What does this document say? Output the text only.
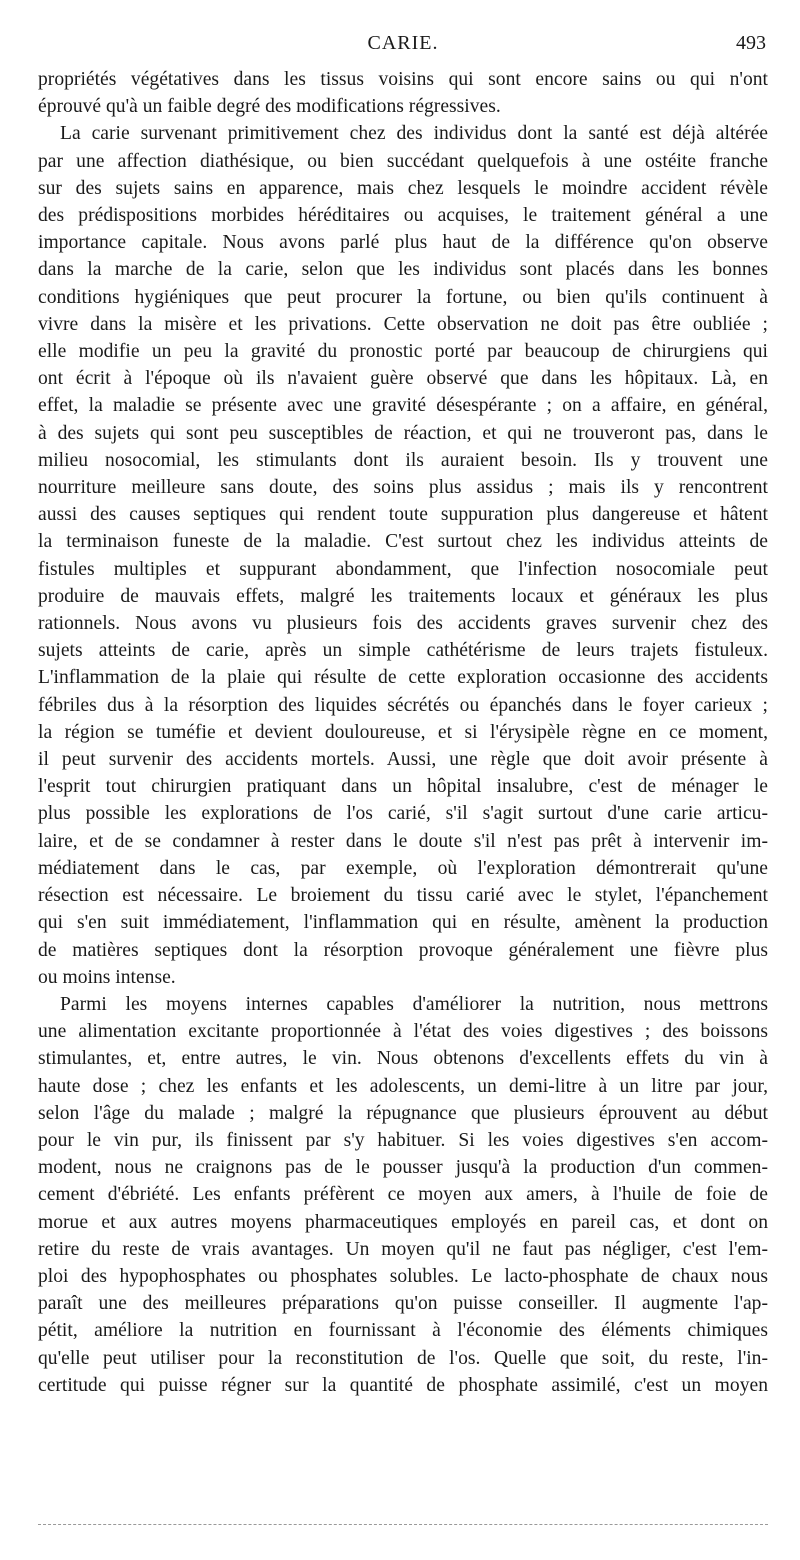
CARIE.	493
propriétés végétatives dans les tissus voisins qui sont encore sains ou qui n'ont
éprouvé qu'à un faible degré des modifications régressives.
La carie survenant primitivement chez des individus dont la santé est déjà altérée
par une affection diathésique, ou bien succédant quelquefois à une ostéite franche
sur des sujets sains en apparence, mais chez lesquels le moindre accident révèle
des prédispositions morbides héréditaires ou acquises, le traitement général a une
importance capitale. Nous avons parlé plus haut de la différence qu'on observe
dans la marche de la carie, selon que les individus sont placés dans les bonnes
conditions hygiéniques que peut procurer la fortune, ou bien qu'ils continuent à
vivre dans la misère et les privations. Cette observation ne doit pas être oubliée ;
elle modifie un peu la gravité du pronostic porté par beaucoup de chirurgiens qui
ont écrit à l'époque où ils n'avaient guère observé que dans les hôpitaux. Là, en
effet, la maladie se présente avec une gravité désespérante ; on a affaire, en général,
à des sujets qui sont peu susceptibles de réaction, et qui ne trouveront pas, dans le
milieu nosocomial, les stimulants dont ils auraient besoin. Ils y trouvent une
nourriture meilleure sans doute, des soins plus assidus ; mais ils y rencontrent
aussi des causes septiques qui rendent toute suppuration plus dangereuse et hâtent
la terminaison funeste de la maladie. C'est surtout chez les individus atteints de
fistules multiples et suppurant abondamment, que l'infection nosocomiale peut
produire de mauvais effets, malgré les traitements locaux et généraux les plus
rationnels. Nous avons vu plusieurs fois des accidents graves survenir chez des
sujets atteints de carie, après un simple cathétérisme de leurs trajets fistuleux.
L'inflammation de la plaie qui résulte de cette exploration occasionne des accidents
fébriles dus à la résorption des liquides sécrétés ou épanchés dans le foyer carieux ;
la région se tuméfie et devient douloureuse, et si l'érysipèle règne en ce moment,
il peut survenir des accidents mortels. Aussi, une règle que doit avoir présente à
l'esprit tout chirurgien pratiquant dans un hôpital insalubre, c'est de ménager le
plus possible les explorations de l'os carié, s'il s'agit surtout d'une carie articu-
laire, et de se condamner à rester dans le doute s'il n'est pas prêt à intervenir im-
médiatement dans le cas, par exemple, où l'exploration démontrerait qu'une
résection est nécessaire. Le broiement du tissu carié avec le stylet, l'épanchement
qui s'en suit immédiatement, l'inflammation qui en résulte, amènent la production
de matières septiques dont la résorption provoque généralement une fièvre plus
ou moins intense.
Parmi les moyens internes capables d'améliorer la nutrition, nous mettrons
une alimentation excitante proportionnée à l'état des voies digestives ; des boissons
stimulantes, et, entre autres, le vin. Nous obtenons d'excellents effets du vin à
haute dose ; chez les enfants et les adolescents, un demi-litre à un litre par jour,
selon l'âge du malade ; malgré la répugnance que plusieurs éprouvent au début
pour le vin pur, ils finissent par s'y habituer. Si les voies digestives s'en accom-
modent, nous ne craignons pas de le pousser jusqu'à la production d'un commen-
cement d'ébriété. Les enfants préfèrent ce moyen aux amers, à l'huile de foie de
morue et aux autres moyens pharmaceutiques employés en pareil cas, et dont on
retire du reste de vrais avantages. Un moyen qu'il ne faut pas négliger, c'est l'em-
ploi des hypophosphates ou phosphates solubles. Le lacto-phosphate de chaux nous
paraît une des meilleures préparations qu'on puisse conseiller. Il augmente l'ap-
pétit, améliore la nutrition en fournissant à l'économie des éléments chimiques
qu'elle peut utiliser pour la reconstitution de l'os. Quelle que soit, du reste, l'in-
certitude qui puisse régner sur la quantité de phosphate assimilé, c'est un moyen
